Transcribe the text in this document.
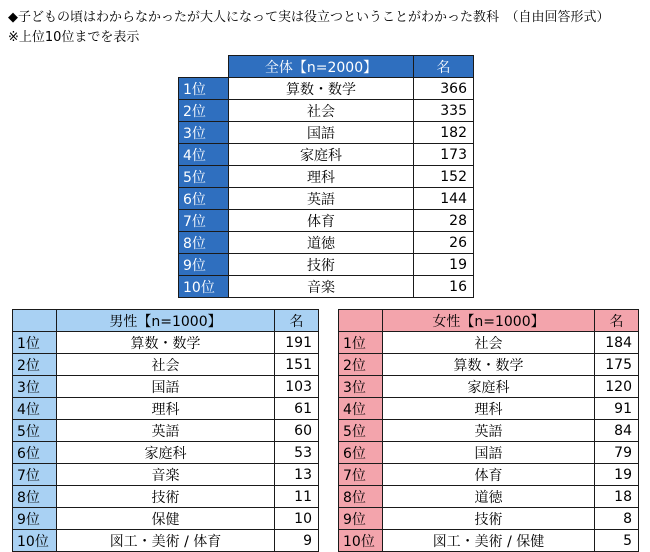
◆子どもの頃はわからなかったが大人になって実は役立つということがわかった教科　（自由回答形式）
※上位10位までを表示
	全体【n=2000】	名
1位	算数・数学	366
2位	社会	335
3位	国語	182
4位	家庭科	173
5位	理科	152
6位	英語	144
7位	体育	28
8位	道徳	26
9位	技術	19
10位	音楽	16
	男性【n=1000】	名
1位	算数・数学	191
2位	社会	151
3位	国語	103
4位	理科	61
5位	英語	60
6位	家庭科	53
7位	音楽	13
8位	技術	11
9位	保健	10
10位	図工・美術 / 体育	9
	女性【n=1000】	名
1位	社会	184
2位	算数・数学	175
3位	家庭科	120
4位	理科	91
5位	英語	84
6位	国語	79
7位	体育	19
8位	道徳	18
9位	技術	8
10位	図工・美術 / 保健	5
